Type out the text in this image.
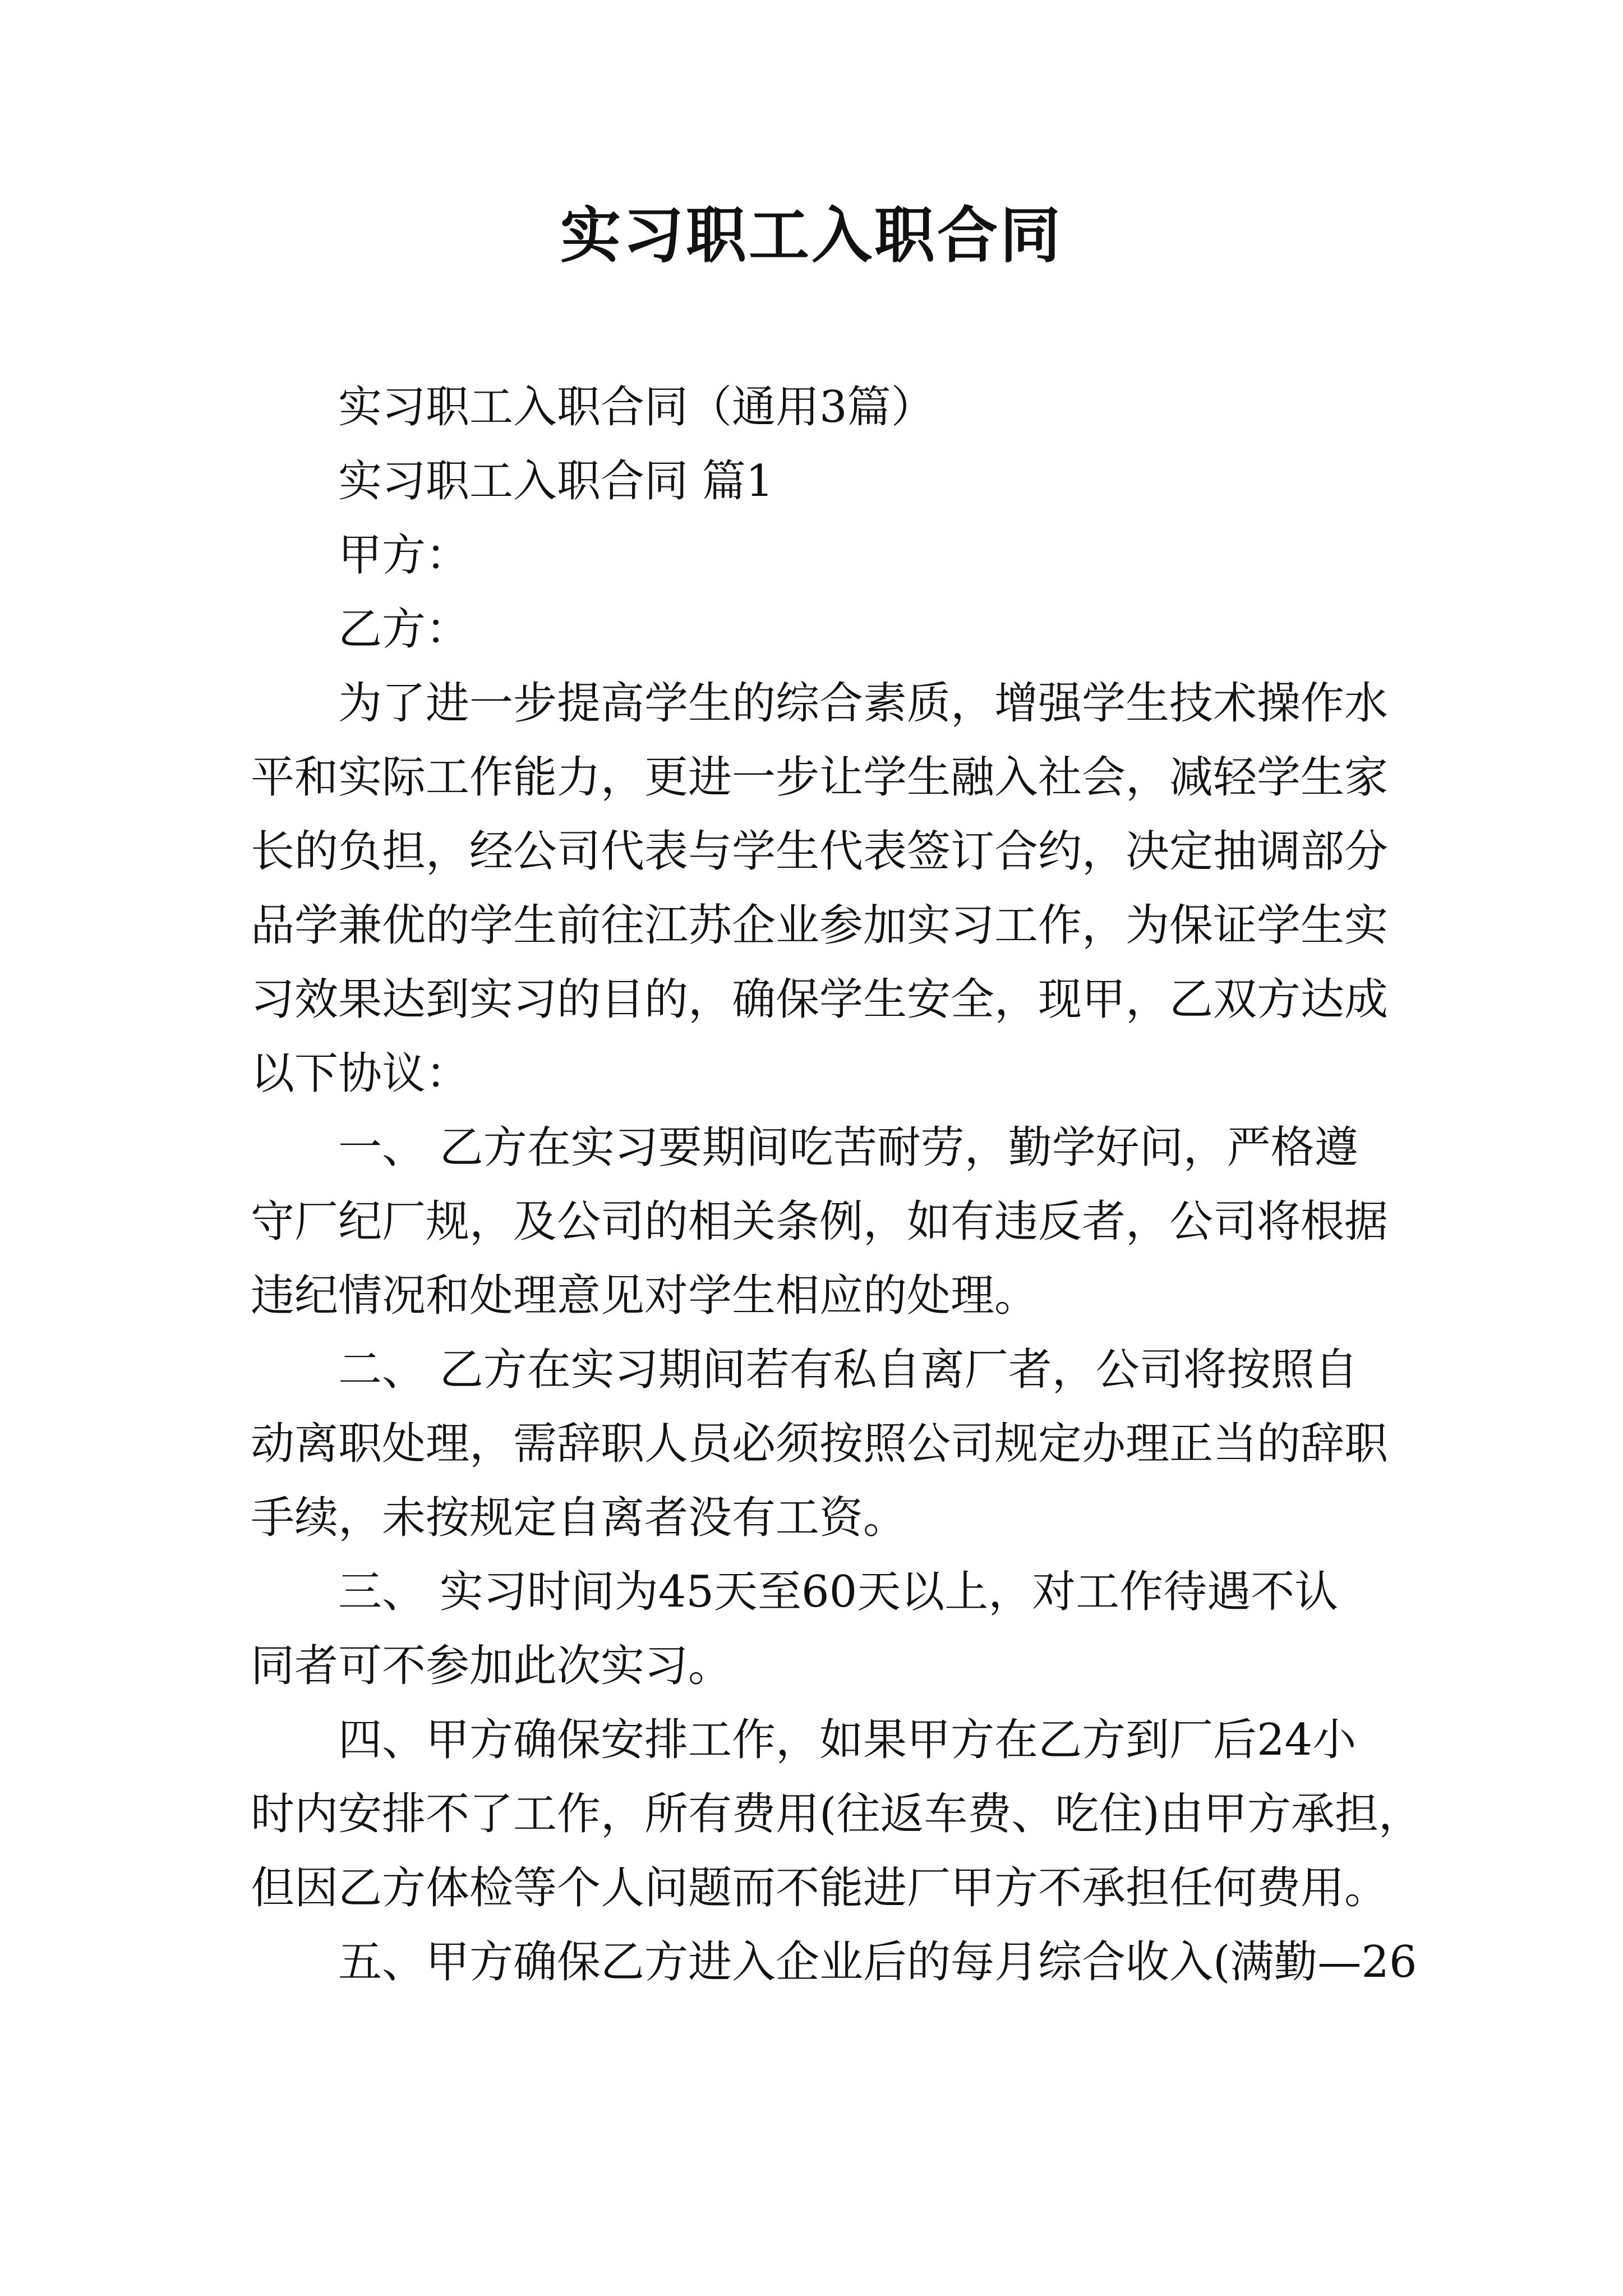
实习职工入职合同
实习职工入职合同（通用3篇）
实习职工入职合同 篇1
甲方：
乙方：
为了进一步提高学生的综合素质，增强学生技术操作水
平和实际工作能力，更进一步让学生融入社会，减轻学生家
长的负担，经公司代表与学生代表签订合约，决定抽调部分
品学兼优的学生前往江苏企业参加实习工作，为保证学生实
习效果达到实习的目的，确保学生安全，现甲，乙双方达成
以下协议：
一、 乙方在实习要期间吃苦耐劳，勤学好问，严格遵
守厂纪厂规，及公司的相关条例，如有违反者，公司将根据
违纪情况和处理意见对学生相应的处理。
二、 乙方在实习期间若有私自离厂者，公司将按照自
动离职处理，需辞职人员必须按照公司规定办理正当的辞职
手续，未按规定自离者没有工资。
三、 实习时间为45天至60天以上，对工作待遇不认
同者可不参加此次实习。
四、甲方确保安排工作，如果甲方在乙方到厂后24小
时内安排不了工作，所有费用(往返车费、吃住)由甲方承担，
但因乙方体检等个人问题而不能进厂甲方不承担任何费用。
五、甲方确保乙方进入企业后的每月综合收入(满勤—26
